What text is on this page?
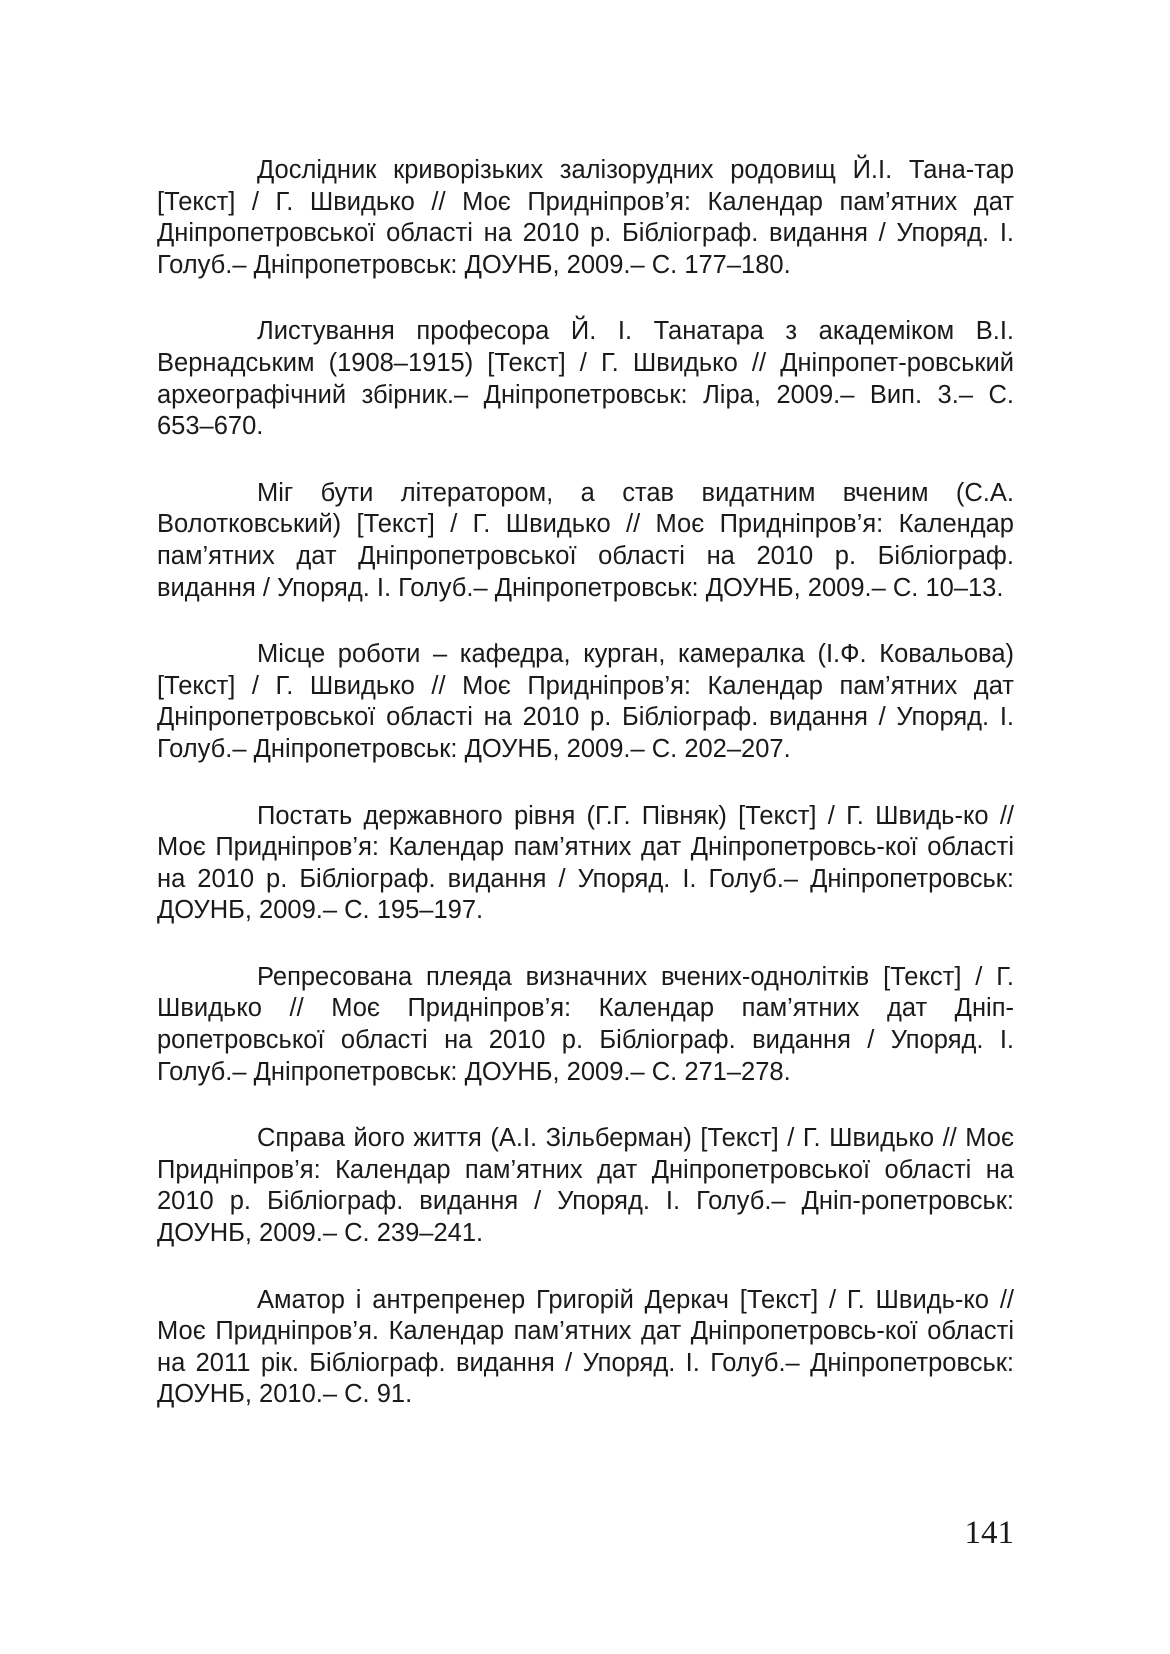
Дослідник криворізьких залізорудних родовищ Й.І. Тана-тар [Текст] / Г. Швидько // Моє Придніпров’я: Календар пам’ятних дат Дніпропетровської області на 2010 р. Бібліограф. видання / Упоряд. І. Голуб.– Дніпропетровськ: ДОУНБ, 2009.– С. 177–180.

Листування професора Й. І. Танатара з академіком В.І. Вернадським (1908–1915) [Текст] / Г. Швидько // Дніпропет-ровський археографічний збірник.– Дніпропетровськ: Ліра, 2009.– Вип. 3.– С. 653–670.

Міг бути літератором, а став видатним вченим (С.А. Волотковський) [Текст] / Г. Швидько // Моє Придніпров’я: Календар пам’ятних дат Дніпропетровської області на 2010 р. Бібліограф. видання / Упоряд. І. Голуб.– Дніпропетровськ: ДОУНБ, 2009.– С. 10–13.

Місце роботи – кафедра, курган, камералка (І.Ф. Ковальова) [Текст] / Г. Швидько // Моє Придніпров’я: Календар пам’ятних дат Дніпропетровської області на 2010 р. Бібліограф. видання / Упоряд. І. Голуб.– Дніпропетровськ: ДОУНБ, 2009.– С. 202–207.

Постать державного рівня (Г.Г. Півняк) [Текст] / Г. Швидь-ко // Моє Придніпров’я: Календар пам’ятних дат Дніпропетровсь-кої області на 2010 р. Бібліограф. видання / Упоряд. І. Голуб.– Дніпропетровськ: ДОУНБ, 2009.– С. 195–197.

Репресована плеяда визначних вчених-однолітків [Текст] / Г. Швидько // Моє Придніпров’я: Календар пам’ятних дат Дніп-ропетровської області на 2010 р. Бібліограф. видання / Упоряд. І. Голуб.– Дніпропетровськ: ДОУНБ, 2009.– С. 271–278.

Справа його життя (А.І. Зільберман) [Текст] / Г. Швидько // Моє Придніпров’я: Календар пам’ятних дат Дніпропетровської області на 2010 р. Бібліограф. видання / Упоряд. І. Голуб.– Дніп-ропетровськ: ДОУНБ, 2009.– С. 239–241.

Аматор і антрепренер Григорій Деркач [Текст] / Г. Швидь-ко // Моє Придніпров’я. Календар пам’ятних дат Дніпропетровсь-кої області на 2011 рік. Бібліограф. видання / Упоряд. І. Голуб.– Дніпропетровськ: ДОУНБ, 2010.– С. 91.

141
